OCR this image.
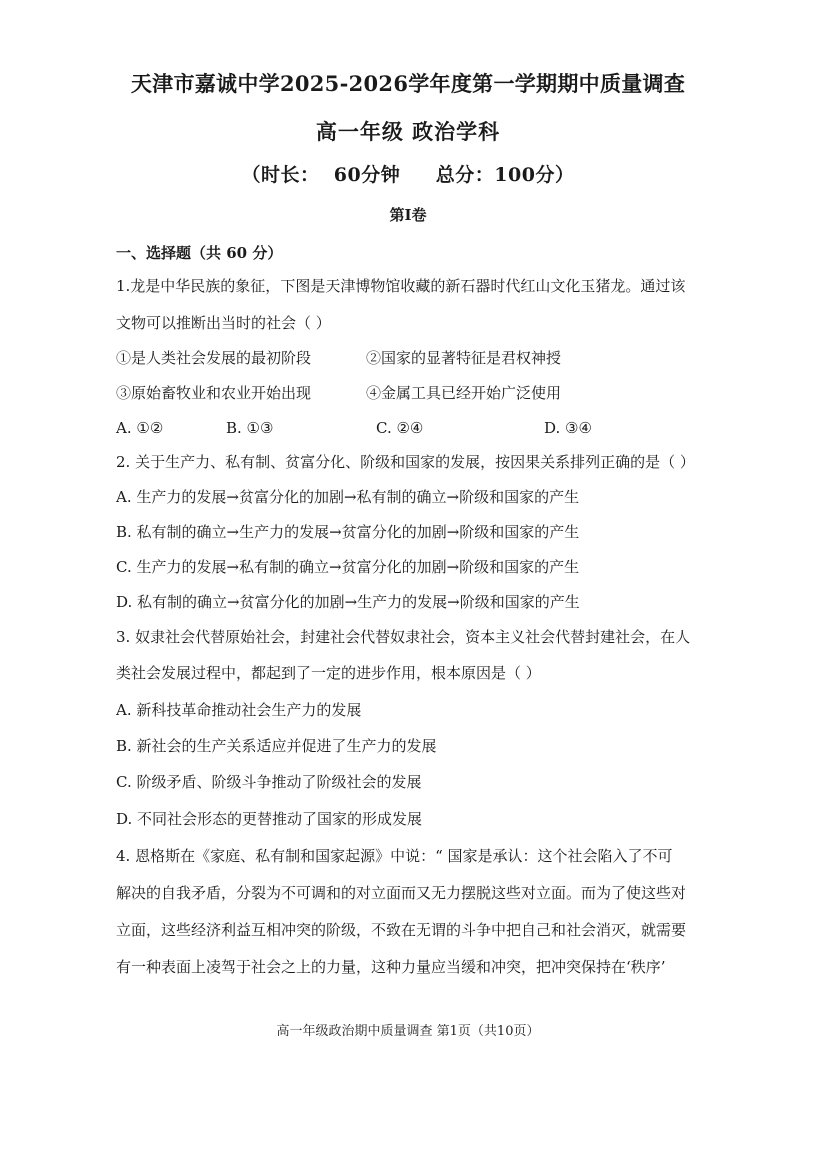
天津市嘉诚中学2025-2026学年度第一学期期中质量调查
高一年级 政治学科
（时长：  60分钟     总分：100分）
第Ⅰ卷
一、选择题（共 60 分）
1.龙是中华民族的象征，下图是天津博物馆收藏的新石器时代红山文化玉猪龙。通过该
文物可以推断出当时的社会（ ）
①是人类社会发展的最初阶段	②国家的显著特征是君权神授
③原始畜牧业和农业开始出现	④金属工具已经开始广泛使用
A. ①②	B. ①③	C. ②④	D. ③④
2. 关于生产力、私有制、贫富分化、阶级和国家的发展，按因果关系排列正确的是（ ）
A. 生产力的发展→贫富分化的加剧→私有制的确立→阶级和国家的产生
B. 私有制的确立→生产力的发展→贫富分化的加剧→阶级和国家的产生
C. 生产力的发展→私有制的确立→贫富分化的加剧→阶级和国家的产生
D. 私有制的确立→贫富分化的加剧→生产力的发展→阶级和国家的产生
3. 奴隶社会代替原始社会，封建社会代替奴隶社会，资本主义社会代替封建社会，在人
类社会发展过程中，都起到了一定的进步作用，根本原因是（ ）
A. 新科技革命推动社会生产力的发展
B. 新社会的生产关系适应并促进了生产力的发展
C. 阶级矛盾、阶级斗争推动了阶级社会的发展
D. 不同社会形态的更替推动了国家的形成发展
4. 恩格斯在《家庭、私有制和国家起源》中说：“ 国家是承认：这个社会陷入了不可
解决的自我矛盾，分裂为不可调和的对立面而又无力摆脱这些对立面。而为了使这些对
立面，这些经济利益互相冲突的阶级，不致在无谓的斗争中把自己和社会消灭，就需要
有一种表面上凌驾于社会之上的力量，这种力量应当缓和冲突，把冲突保持在‘秩序’
高一年级政治期中质量调查 第1页（共10页）
